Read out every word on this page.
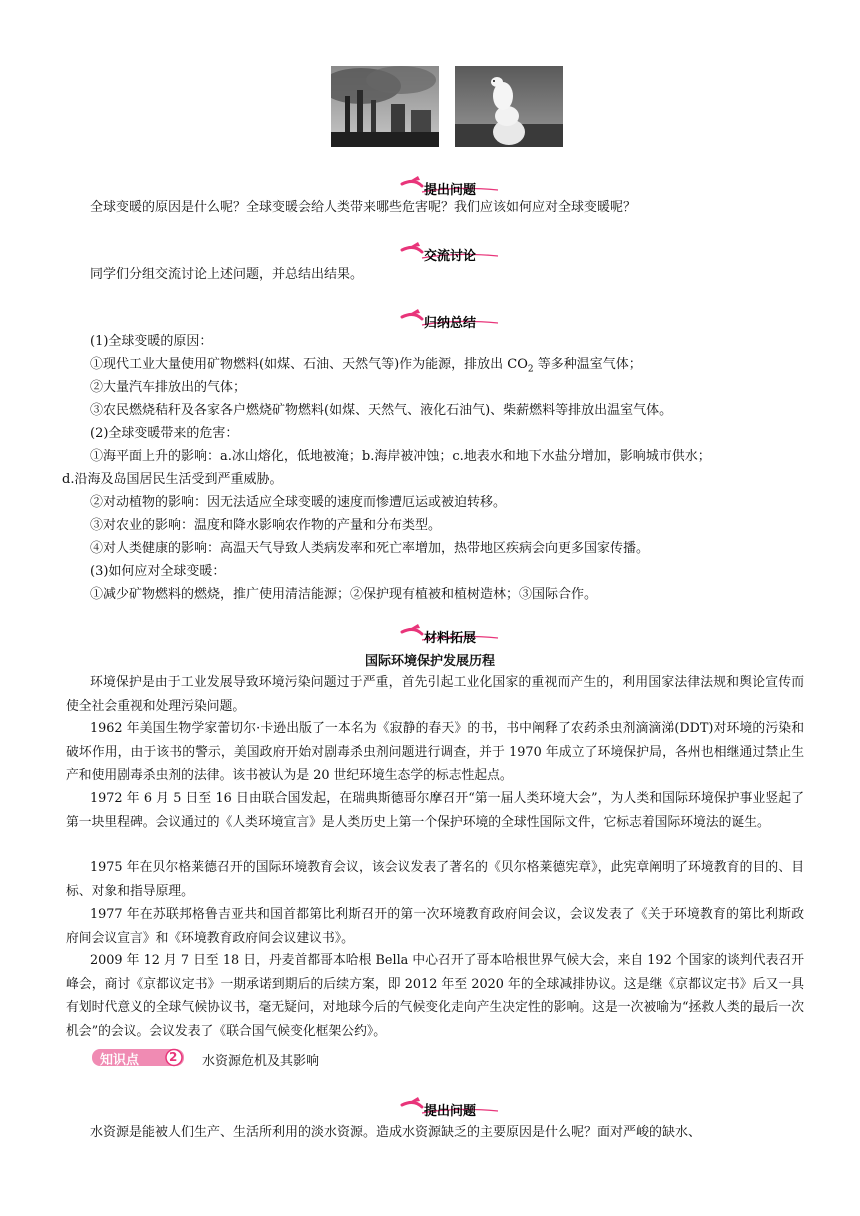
提出问题
全球变暖的原因是什么呢？全球变暖会给人类带来哪些危害呢？我们应该如何应对全球变暖呢？
交流讨论
同学们分组交流讨论上述问题，并总结出结果。
归纳总结
(1)全球变暖的原因：
①现代工业大量使用矿物燃料(如煤、石油、天然气等)作为能源，排放出 $CO_2$ 等多种温室气体；
②大量汽车排放出的气体；
③农民燃烧秸秆及各家各户燃烧矿物燃料(如煤、天然气、液化石油气)、柴薪燃料等排放出温室气体。
(2)全球变暖带来的危害：
①海平面上升的影响：a.冰山熔化，低地被淹；b.海岸被冲蚀；c.地表水和地下水盐分增加，影响城市供水；
d.沿海及岛国居民生活受到严重威胁。
②对动植物的影响：因无法适应全球变暖的速度而惨遭厄运或被迫转移。
③对农业的影响：温度和降水影响农作物的产量和分布类型。
④对人类健康的影响：高温天气导致人类病发率和死亡率增加，热带地区疾病会向更多国家传播。
(3)如何应对全球变暖：
①减少矿物燃料的燃烧，推广使用清洁能源；②保护现有植被和植树造林；③国际合作。
材料拓展
国际环境保护发展历程
环境保护是由于工业发展导致环境污染问题过于严重，首先引起工业化国家的重视而产生的，利用国家法律法规和舆论宣传而使全社会重视和处理污染问题。
1962 年美国生物学家蕾切尔·卡逊出版了一本名为《寂静的春天》的书，书中阐释了农药杀虫剂滴滴涕(DDT)对环境的污染和破坏作用，由于该书的警示，美国政府开始对剧毒杀虫剂问题进行调查，并于 1970 年成立了环境保护局，各州也相继通过禁止生产和使用剧毒杀虫剂的法律。该书被认为是 20 世纪环境生态学的标志性起点。
1972 年 6 月 5 日至 16 日由联合国发起，在瑞典斯德哥尔摩召开“第一届人类环境大会”，为人类和国际环境保护事业竖起了第一块里程碑。会议通过的《人类环境宣言》是人类历史上第一个保护环境的全球性国际文件，它标志着国际环境法的诞生。
1975 年在贝尔格莱德召开的国际环境教育会议，该会议发表了著名的《贝尔格莱德宪章》，此宪章阐明了环境教育的目的、目标、对象和指导原理。
1977 年在苏联邦格鲁吉亚共和国首都第比利斯召开的第一次环境教育政府间会议，会议发表了《关于环境教育的第比利斯政府间会议宣言》和《环境教育政府间会议建议书》。
2009 年 12 月 7 日至 18 日，丹麦首都哥本哈根 Bella 中心召开了哥本哈根世界气候大会，来自 192 个国家的谈判代表召开峰会，商讨《京都议定书》一期承诺到期后的后续方案，即 2012 年至 2020 年的全球减排协议。这是继《京都议定书》后又一具有划时代意义的全球气候协议书，毫无疑问，对地球今后的气候变化走向产生决定性的影响。这是一次被喻为“拯救人类的最后一次机会”的会议。会议发表了《联合国气候变化框架公约》。
知识点 2 水资源危机及其影响
提出问题
水资源是能被人们生产、生活所利用的淡水资源。造成水资源缺乏的主要原因是什么呢？面对严峻的缺水、
